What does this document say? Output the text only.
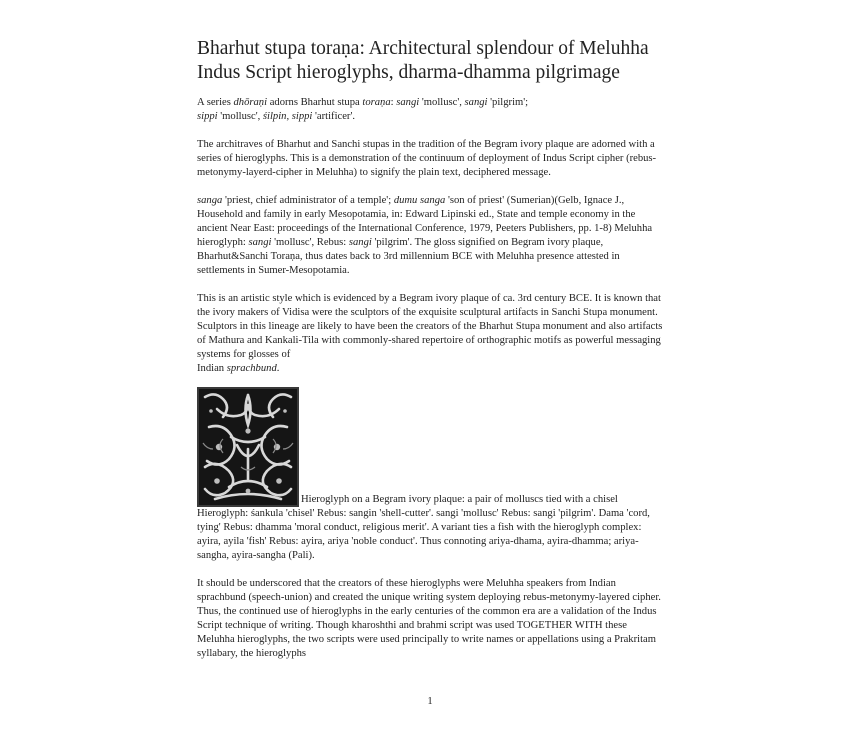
Bharhut stupa toraṇa: Architectural splendour of Meluhha Indus Script hieroglyphs, dharma-dhamma pilgrimage

A series dhōraṇi adorns Bharhut stupa toraṇa: sangi 'mollusc', sangi 'pilgrim';
sippi 'mollusc', śilpin, sippi 'artificer'.

The architraves of Bharhut and Sanchi stupas in the tradition of the Begram ivory plaque are adorned with a series of hieroglyphs. This is a demonstration of the continuum of deployment of Indus Script cipher (rebus-metonymy-layerd-cipher in Meluhha) to signify the plain text, deciphered message.

sanga 'priest, chief administrator of a temple'; dumu sanga 'son of priest' (Sumerian)(Gelb, Ignace J., Household and family in early Mesopotamia, in: Edward Lipinski ed., State and temple economy in the ancient Near East: proceedings of the International Conference, 1979, Peeters Publishers, pp. 1-8) Meluhha hieroglyph: sangi 'mollusc', Rebus: sangi 'pilgrim'. The gloss signified on Begram ivory plaque, Bharhut&Sanchi Toraṇa, thus dates back to 3rd millennium BCE with Meluhha presence attested in settlements in Sumer-Mesopotamia.

This is an artistic style which is evidenced by a Begram ivory plaque of ca. 3rd century BCE. It is known that the ivory makers of Vidisa were the sculptors of the exquisite sculptural artifacts in Sanchi Stupa monument. Sculptors in this lineage are likely to have been the creators of the Bharhut Stupa monument and also artifacts of Mathura and Kankali-Tila with commonly-shared repertoire of orthographic motifs as powerful messaging systems for glosses of
Indian sprachbund.

Hieroglyph on a Begram ivory plaque: a pair of molluscs tied with a chisel Hieroglyph: śankula 'chisel' Rebus: sangin 'shell-cutter'. sangi 'mollusc' Rebus: sangi 'pilgrim'. Dama 'cord, tying' Rebus: dhamma 'moral conduct, religious merit'. A variant ties a fish with the hieroglyph complex: ayira, ayila 'fish' Rebus: ayira, ariya 'noble conduct'. Thus connoting ariya-dhama, ayira-dhamma; ariya-sangha, ayira-sangha (Pali).

It should be underscored that the creators of these hieroglyphs were Meluhha speakers from Indian sprachbund (speech-union) and created the unique writing system deploying rebus-metonymy-layered cipher. Thus, the continued use of hieroglyphs in the early centuries of the common era are a validation of the Indus Script technique of writing. Though kharoshthi and brahmi script was used TOGETHER WITH these Meluhha hieroglyphs, the two scripts were used principally to write names or appellations using a Prakritam syllabary, the hieroglyphs

1
